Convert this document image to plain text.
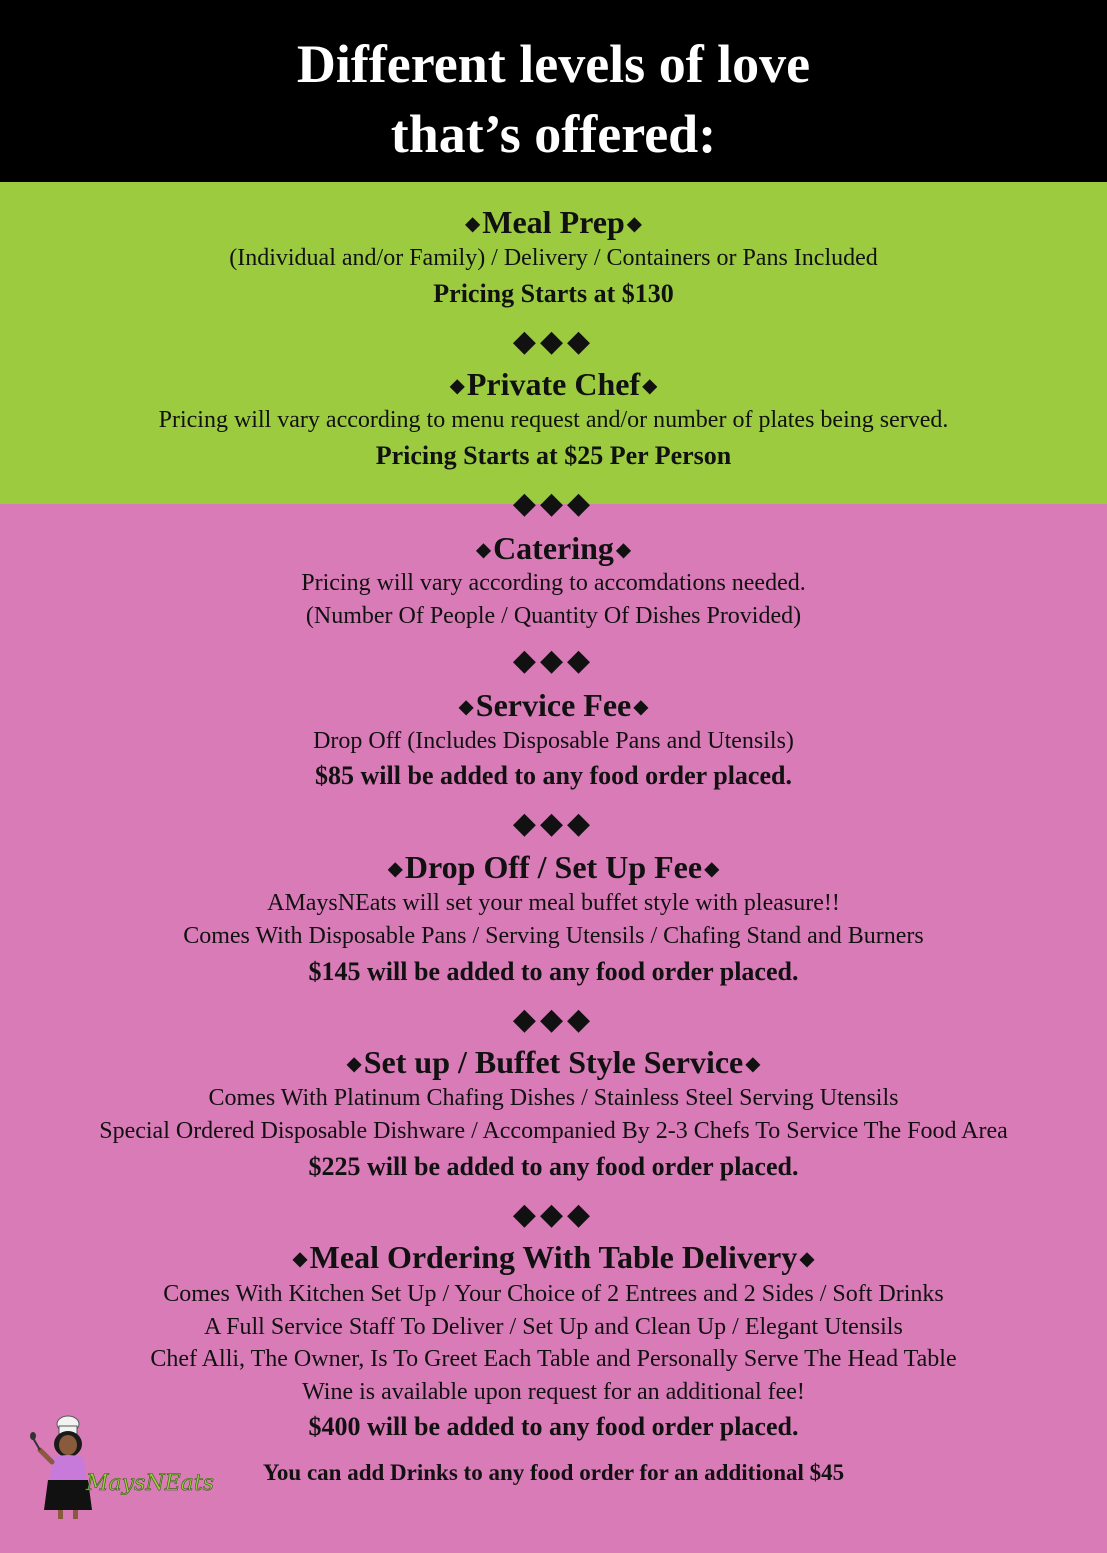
Different levels of love
that’s offered:
◆Meal Prep ◆
(Individual and/or Family) / Delivery / Containers or Pans Included
Pricing Starts at $130
◆◆◆
◆Private Chef ◆
Pricing will vary according to menu request and/or number of plates being served.
Pricing Starts at $25 Per Person
◆◆◆
◆Catering ◆
Pricing will vary according to accomdations needed.
(Number Of People / Quantity Of Dishes Provided)
◆◆◆
◆Service Fee ◆
Drop Off (Includes Disposable Pans and Utensils)
$85 will be added to any food order placed.
◆◆◆
◆Drop Off / Set Up Fee ◆
AMaysNEats will set your meal buffet style with pleasure!!
Comes With Disposable Pans / Serving Utensils / Chafing Stand and Burners
$145 will be added to any food order placed.
◆◆◆
◆Set up / Buffet Style Service ◆
Comes With Platinum Chafing Dishes / Stainless Steel Serving Utensils
Special Ordered Disposable Dishware / Accompanied By 2-3 Chefs To Service The Food Area
$225 will be added to any food order placed.
◆◆◆
◆Meal Ordering With Table Delivery ◆
Comes With Kitchen Set Up / Your Choice of 2 Entrees and 2 Sides / Soft Drinks
A Full Service Staff To Deliver / Set Up and Clean Up / Elegant Utensils
Chef Alli, The Owner, Is To Greet Each Table and Personally Serve The Head Table
Wine is available upon request for an additional fee!
$400 will be added to any food order placed.
You can add Drinks to any food order for an additional $45
MaysNEats
